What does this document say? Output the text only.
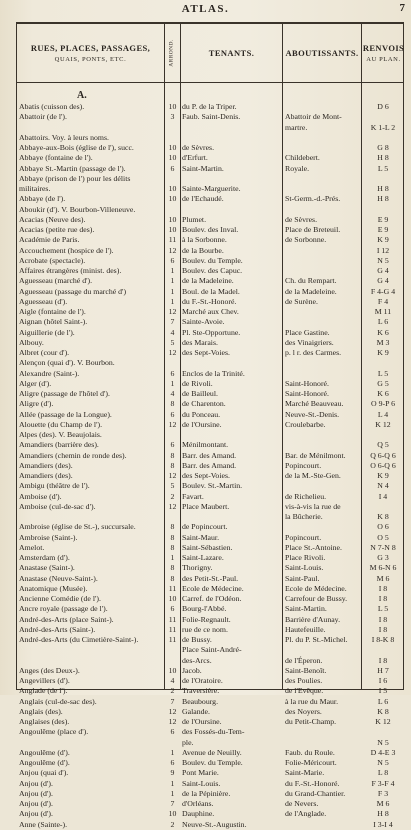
ATLAS.	7
RUES, PLACES, PASSAGES,
QUAIS, PONTS, ETC.	ARROND.	TENANTS.	ABOUTISSANTS. RENVOIS
AU PLAN.
A.
Abatis (cuisson des).	10 du P. de la Triper.	D 6
Abattoir (de l').	3 Faub. Saint-Denis.	Abattoir de Mont-
martre.	K 1-L 2
Abattoirs. Voy. à leurs noms.
Abbaye-aux-Bois (église de l'), succ.	10 de Sèvres.	G 8
Abbaye (fontaine de l').	10 d'Erfurt.	Childebert.	H 8
Abbaye St.-Martin (passage de l').	6 Saint-Martin.	Royale.	L 5
Abbaye (prison de l') pour les délits
militaires.	10 Sainte-Marguerite.	H 8
Abbaye (de l').	10 de l'Echaudé.	St-Germ.-d.-Prés.	H 8
Aboukir (d'). V. Bourbon-Villeneuve.
Acacias (Neuve des).	10 Plumet.	de Sèvres.	E 9
Acacias (petite rue des).	10 Boulev. des Inval.	Place de Breteuil.	E 9
Académie de Paris.	11 à la Sorbonne.	de Sorbonne.	K 9
Accouchement (hospice de l').	12 de la Bourbe.	I 12
Acrobate (spectacle).	6 Boulev. du Temple.	N 5
Affaires étrangères (minist. des).	1 Boulev. des Capuc.	G 4
Aguesseau (marché d').	1 de la Madeleine.	Ch. du Rempart.	G 4
Aguesseau (passage du marché d')	1 Boul. de la Madel.	de la Madeleine.	F 4-G 4
Aguesseau (d').	1 du F.-St.-Honoré.	de Surène.	F 4
Aigle (fontaine de l').	12 Marché aux Chev.	M 11
Aignan (hôtel Saint-).	7 Sainte-Avoie.	L 6
Aiguillerie (de l').	4 Pl. Ste-Opportune.	Place Gastine.	K 6
Albouy.	5 des Marais.	des Vinaigriers.	M 3
Albret (cour d').	12 des Sept-Voies.	p. l r. des Carmes.	K 9
Alençon (quai d'). V. Bourbon.
Alexandre (Saint-).	6 Enclos de la Trinité.	L 5
Alger (d').	1 de Rivoli.	Saint-Honoré.	G 5
Aligre (passage de l'hôtel d').	4 de Bailleul.	Saint-Honoré.	K 6
Aligre (d').	8 de Charenton.	Marché Beauveau.	O 9-P 6
Allée (passage de la Longue).	6 du Ponceau.	Neuve-St.-Denis.	L 4
Alouette (du Champ de l').	12 de l'Oursine.	Croulebarbe.	K 12
Alpes (des). V. Beaujolais.
Amandiers (barrière des).	6 Ménilmontant.	Q 5
Amandiers (chemin de ronde des).	8 Barr. des Amand.	Bar. de Ménilmont.	Q 6-Q 6
Amandiers (des).	8 Barr. des Amand.	Popincourt.	O 6-Q 6
Amandiers (des).	12 des Sept-Voies.	de la M.-Ste-Gen.	K 9
Ambigu (théâtre de l').	5 Boulev. St.-Martin.	N 4
Amboise (d').	2 Favart.	de Richelieu.	I 4
Amboise (cul-de-sac d').	12 Place Maubert.	vis-à-vis la rue de
la Bûcherie.	K 8
Ambroise (église de St.-), succursale.	8 de Popincourt.	O 6
Ambroise (Saint-).	8 Saint-Maur.	Popincourt.	O 5
Amelot.	8 Saint-Sébastien.	Place St.-Antoine.	N 7-N 8
Amsterdam (d').	1 Saint-Lazare.	Place Rivoli.	G 3
Anastase (Saint-).	8 Thorigny.	Saint-Louis.	M 6-N 6
Anastase (Neuve-Saint-).	8 des Petit-St.-Paul.	Saint-Paul.	M 6
Anatomique (Musée).	11 Ecole de Médecine.	Ecole de Médecine.	I 8
Ancienne Comédie (de l').	10 Carref. de l'Odéon.	Carrefour de Bussy.	I 8
Ancre royale (passage de l').	6 Bourg-l'Abbé.	Saint-Martin.	L 5
André-des-Arts (place Saint-).	11 Folie-Regnault.	Barrière d'Aunay.	I 8
André-des-Arts (Saint-).	11 rue de ce nom.	Hautefeuille.	I 8
André-des-Arts (du Cimetière-Saint-).	11 de Bussy.	Pl. du P. St.-Michel.	I 8-K 8
Place Saint-André-
des-Arcs.	de l'Éperon.	I 8
Anges (des Deux-).	10 Jacob.	Saint-Benoît.	H 7
Angevillers (d').	4 de l'Oratoire.	des Poulies.	I 6
Anglade (de l').	2 Traversière.	de l'Evêque.	I 5
Anglais (cul-de-sac des).	7 Beaubourg.	à la rue du Maur.	L 6
Anglais (des).	12 Galande.	des Noyers.	K 8
Anglaises (des).	12 de l'Oursine.	du Petit-Champ.	K 12
Angoulême (place d').	6 des Fossés-du-Tem-
ple.	N 5
Angoulême (d').	1 Avenue de Neuilly.	Faub. du Roule.	D 4-E 3
Angoulême (d').	6 Boulev. du Temple.	Folie-Méricourt.	N 5
Anjou (quai d').	9 Pont Marie.	Saint-Marie.	L 8
Anjou (d').	1 Saint-Louis.	du F.-St.-Honoré.	F 3-F 4
Anjou (d').	1 de la Pépinière.	du Grand-Chantier.	F 3
Anjou (d').	7 d'Orléans.	de Nevers.	M 6
Anjou (d').	10 Dauphine.	de l'Anglade.	H 8
Anne (Sainte-).	2 Neuve-St.-Augustin.	I 3-I 4
